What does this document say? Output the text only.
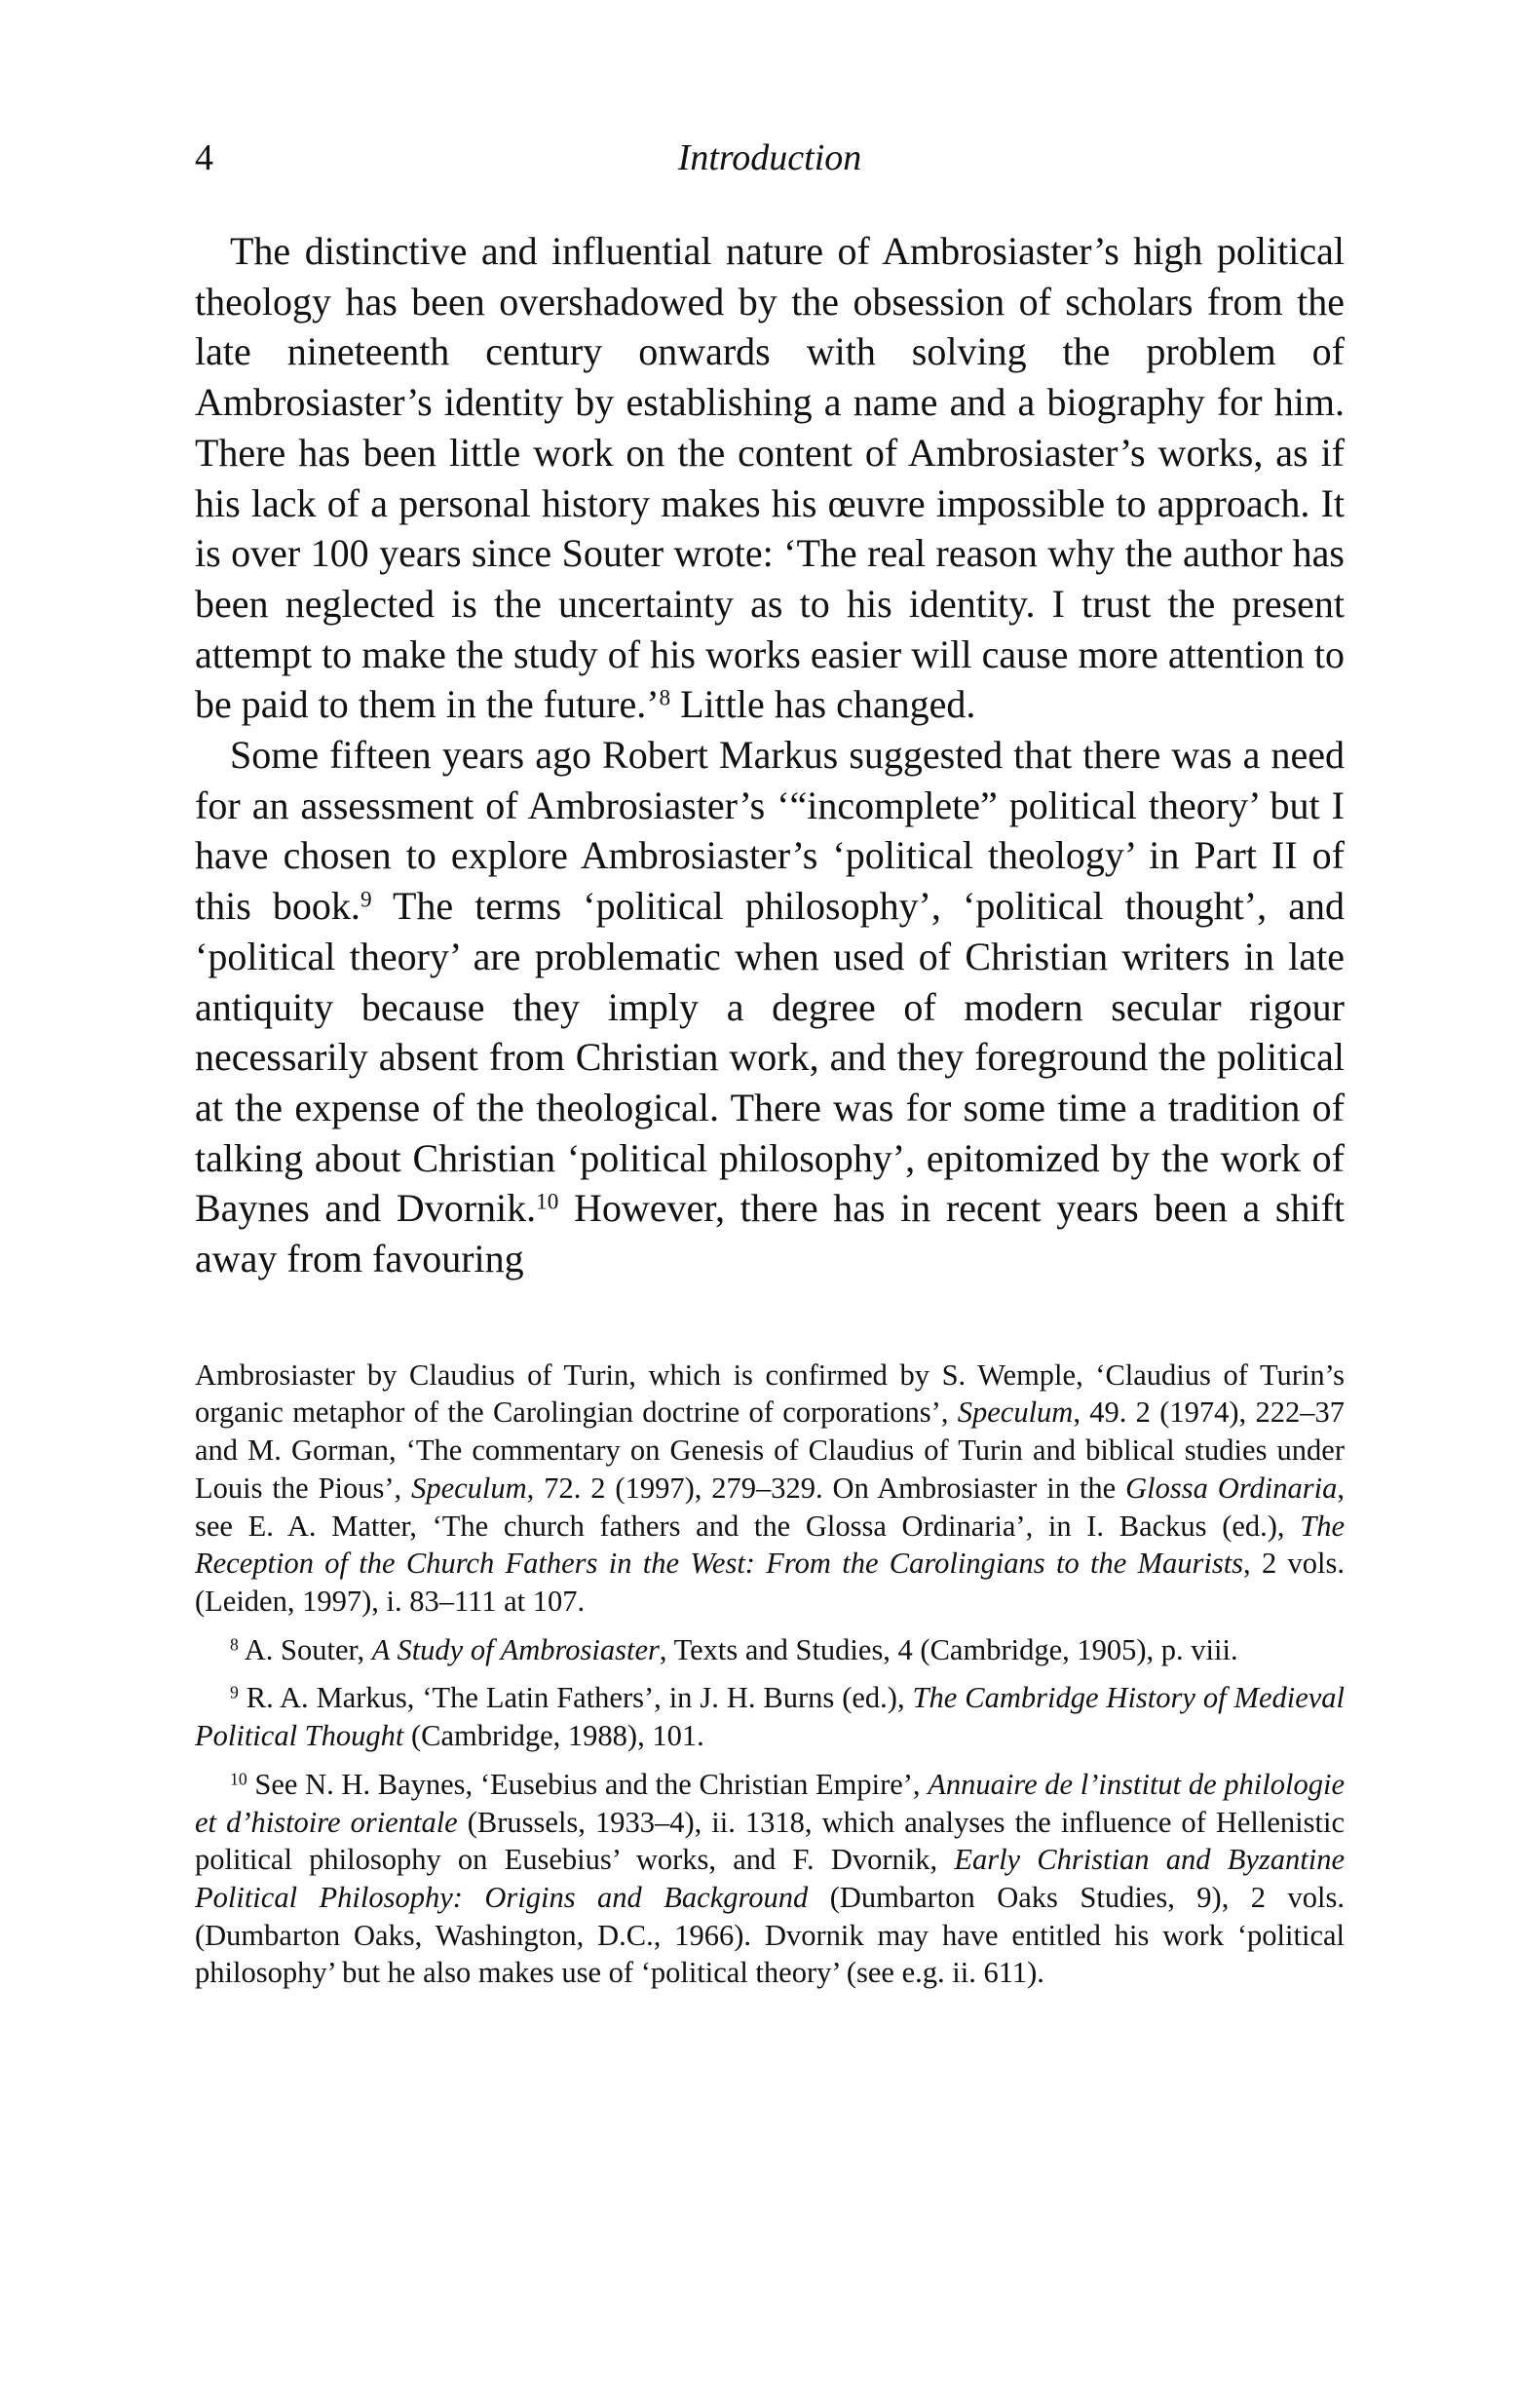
4	Introduction

The distinctive and influential nature of Ambrosiaster’s high political theology has been overshadowed by the obsession of scholars from the late nineteenth century onwards with solving the problem of Ambrosiaster’s identity by establishing a name and a biography for him. There has been little work on the content of Ambrosiaster’s works, as if his lack of a personal history makes his œuvre impossible to approach. It is over 100 years since Souter wrote: ‘The real reason why the author has been neglected is the uncertainty as to his identity. I trust the present attempt to make the study of his works easier will cause more attention to be paid to them in the future.’$^8$ Little has changed.

Some fifteen years ago Robert Markus suggested that there was a need for an assessment of Ambrosiaster’s ‘“incomplete” political theory’ but I have chosen to explore Ambrosiaster’s ‘political theology’ in Part II of this book.$^9$ The terms ‘political philosophy’, ‘political thought’, and ‘political theory’ are problematic when used of Christian writers in late antiquity because they imply a degree of modern secular rigour necessarily absent from Christian work, and they foreground the political at the expense of the theological. There was for some time a tradition of talking about Christian ‘political philosophy’, epitomized by the work of Baynes and Dvornik.$^{10}$ However, there has in recent years been a shift away from favouring

Ambrosiaster by Claudius of Turin, which is confirmed by S. Wemple, ‘Claudius of Turin’s organic metaphor of the Carolingian doctrine of corporations’, Speculum, 49. 2 (1974), 222–37 and M. Gorman, ‘The commentary on Genesis of Claudius of Turin and biblical studies under Louis the Pious’, Speculum, 72. 2 (1997), 279–329. On Ambrosiaster in the Glossa Ordinaria, see E. A. Matter, ‘The church fathers and the Glossa Ordinaria’, in I. Backus (ed.), The Reception of the Church Fathers in the West: From the Carolingians to the Maurists, 2 vols. (Leiden, 1997), i. 83–111 at 107.

$^8$ A. Souter, A Study of Ambrosiaster, Texts and Studies, 4 (Cambridge, 1905), p. viii.

$^9$ R. A. Markus, ‘The Latin Fathers’, in J. H. Burns (ed.), The Cambridge History of Medieval Political Thought (Cambridge, 1988), 101.

$^{10}$ See N. H. Baynes, ‘Eusebius and the Christian Empire’, Annuaire de l’institut de philologie et d’histoire orientale (Brussels, 1933–4), ii. 1318, which analyses the influence of Hellenistic political philosophy on Eusebius’ works, and F. Dvornik, Early Christian and Byzantine Political Philosophy: Origins and Background (Dumbarton Oaks Studies, 9), 2 vols. (Dumbarton Oaks, Washington, D.C., 1966). Dvornik may have entitled his work ‘political philosophy’ but he also makes use of ‘political theory’ (see e.g. ii. 611).
